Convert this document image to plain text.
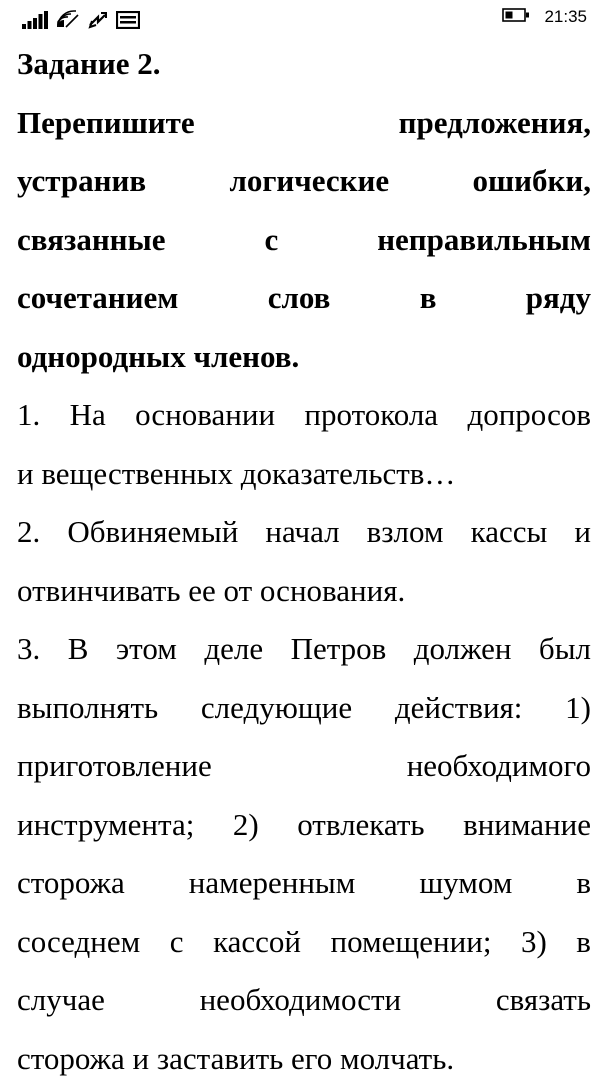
21:35
Задание 2.
Перепишите	предложения,
устранив	логические	ошибки,
связанные	с	неправильным
сочетанием	слов	в	ряду
однородных членов.
1. На основании протокола допросов
и вещественных доказательств…
2. Обвиняемый начал взлом кассы и
отвинчивать ее от основания.
3. В этом деле Петров должен был
выполнять следующие действия: 1)
приготовление	необходимого
инструмента; 2) отвлекать внимание
сторожа намеренным шумом в
соседнем с кассой помещении; 3) в
случае	необходимости	связать
сторожа и заставить его молчать.
